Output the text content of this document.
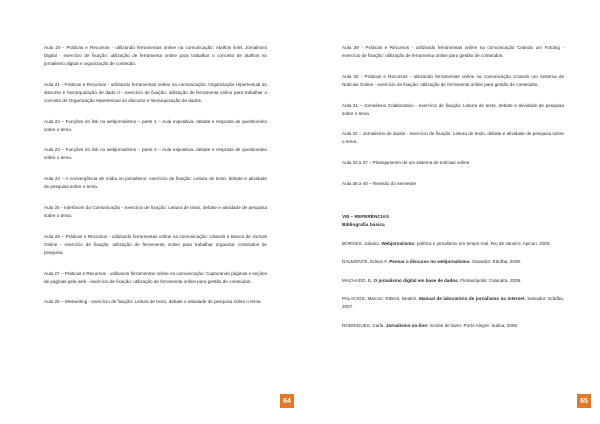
Aula 20 - Práticas e Recursos - utilizando ferramentas online na comunicação: Atalhos links Jornalismo Digital - exercício de fixação: utilização de ferramenta online para trabalhar o conceito de atalhos no jornalismo digital e organização de conteúdo.

Aula 21 - Práticas e Recursos - utilizando ferramentas online na comunicação: Organização Hipertextual do discurso e hierarquização de dado II - exercício de fixação: utilização de ferramenta online para trabalhar o conceito de Organização Hipertextual do discurso e hierarquização de dados.

Aula 22 – Funções do link no webjornalismo – parte 1 – Aula expositiva, debate e resposta de questionário sobre o tema.

Aula 23 – Funções do link no webjornalismo – parte 2 – Aula expositiva, debate e resposta de questionário sobre o tema.

Aula 24 – A convergência de mídia no jornalismo: exercício de fixação: Leitura de texto, debate e atividade de pesquisa sobre o tema.

Aula 25 - Interfaces da Comunicação - exercício de fixação: Leitura de texto, debate e atividade de pesquisa sobre o tema.

Aula 26 – Práticas e Recursos - utilizando ferramentas online na comunicação: Usando a Banca de Jornais Online - exercício de fixação: utilização de ferramenta online para trabalhar organizar conteúdos de pesquisa.

Aula 27 – Práticas e Recursos - utilizando ferramentas online na comunicação: Capturando páginas e seções de páginas pela web - exercício de fixação: utilização de ferramenta online para gestão de conteúdos.

Aula 28 – Webwriting - exercício de fixação: Leitura de texto, debate e atividade de pesquisa sobre o tema.

64

Aula 29 - Práticas e Recursos - utilizando ferramentas online na comunicação Criando um Fotolog - exercício de fixação: utilização de ferramenta online para gestão de conteúdos.

Aula 30 - Práticas e Recursos - utilizando ferramentas online na comunicação Criando um Sistema de Notícias Online - exercício de fixação: utilização de ferramenta online para gestão de conteúdos.

Aula 31 – Jornalismo Colaborativo - exercício de fixação: Leitura de texto, debate e atividade de pesquisa sobre o tema.

Aula 32 – Jornalismo de dados - exercício de fixação: Leitura de texto, debate e atividade de pesquisa sobre o tema.

Aula 33 a 37 – Planejamento de um sistema de notícias online

Aula 38 a 40 – Revisão do semestre

VIII – REFERÊNCIAS

Bibliografia básica

BORGES, Juliano. Webjornalismo: política e jornalismo em tempo real. Rio de Janeiro: Apicuri, 2009.

DALMONTE, Edson F. Pensar o discurso no webjornalismo. Salvador: Edufba, 2009.

MACHADO, E. O jornalismo digital em base de dados. Florianópolis: Calandra, 2006.

PALACIOS, Marcos; RIBAS, Beatriz. Manual de laboratório de jornalismo na internet. Salvador: Edufba, 2007.

RODRIGUES, Carla. Jornalismo on-line: modos de fazer. Porto Alegre: Sulina, 2009.

65
